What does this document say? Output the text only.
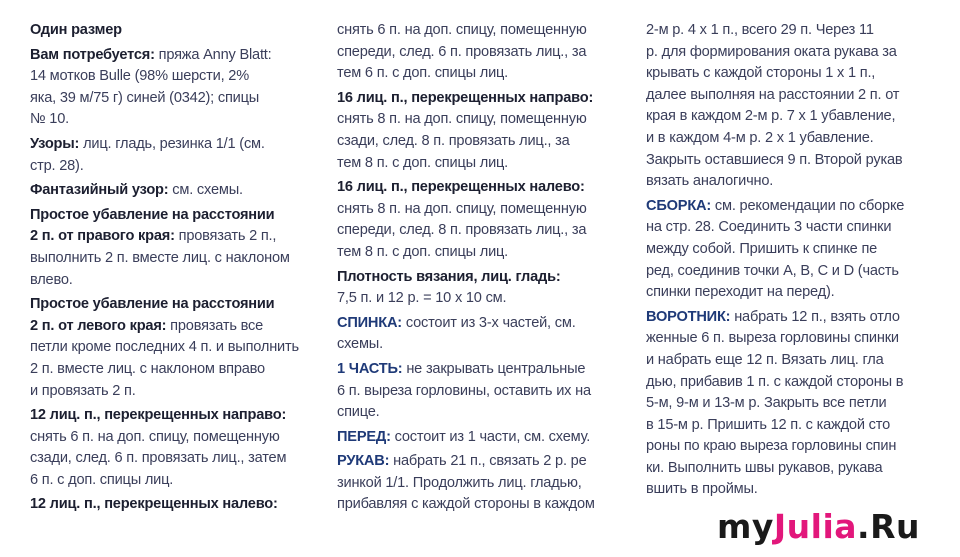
Один размер
Вам потребуется: пряжа Anny Blatt:
14 мотков Bulle (98% шерсти, 2%
яка, 39 м/75 г) синей (0342); спицы
№ 10.
Узоры: лиц. гладь, резинка 1/1 (см.
стр. 28).
Фантазийный узор: см. схемы.
Простое убавление на расстоянии
2 п. от правого края: провязать 2 п.,
выполнить 2 п. вместе лиц. с наклоном
влево.
Простое убавление на расстоянии
2 п. от левого края: провязать все
петли кроме последних 4 п. и выполнить
2 п. вместе лиц. с наклоном вправо
и провязать 2 п.
12 лиц. п., перекрещенных направо:
снять 6 п. на доп. спицу, помещенную
сзади, след. 6 п. провязать лиц., затем
6 п. с доп. спицы лиц.
12 лиц. п., перекрещенных налево:
снять 6 п. на доп. спицу, помещенную
спереди, след. 6 п. провязать лиц., за
тем 6 п. с доп. спицы лиц.
16 лиц. п., перекрещенных направо:
снять 8 п. на доп. спицу, помещенную
сзади, след. 8 п. провязать лиц., за
тем 8 п. с доп. спицы лиц.
16 лиц. п., перекрещенных налево:
снять 8 п. на доп. спицу, помещенную
спереди, след. 8 п. провязать лиц., за
тем 8 п. с доп. спицы лиц.
Плотность вязания, лиц. гладь:
7,5 п. и 12 р. = 10 х 10 см.
СПИНКА: состоит из 3-х частей, см.
схемы.
1 ЧАСТЬ: не закрывать центральные
6 п. выреза горловины, оставить их на
спице.
ПЕРЕД: состоит из 1 части, см. схему.
РУКАВ: набрать 21 п., связать 2 р. ре
зинкой 1/1. Продолжить лиц. гладью,
прибавляя с каждой стороны в каждом
2-м р. 4 х 1 п., всего 29 п. Через 11
р. для формирования оката рукава за
крывать с каждой стороны 1 х 1 п.,
далее выполняя на расстоянии 2 п. от
края в каждом 2-м р. 7 х 1 убавление,
и в каждом 4-м р. 2 х 1 убавление.
Закрыть оставшиеся 9 п. Второй рукав
вязать аналогично.
СБОРКА: см. рекомендации по сборке
на стр. 28. Соединить 3 части спинки
между собой. Пришить к спинке пе
ред, соединив точки A, B, C и D (часть
спинки переходит на перед).
ВОРОТНИК: набрать 12 п., взять отло
женные 6 п. выреза горловины спинки
и набрать еще 12 п. Вязать лиц. гла
дью, прибавив 1 п. с каждой стороны в
5-м, 9-м и 13-м р. Закрыть все петли
в 15-м р. Пришить 12 п. с каждой сто
роны по краю выреза горловины спин
ки. Выполнить швы рукавов, рукава
вшить в проймы.
myJulia.Ru
